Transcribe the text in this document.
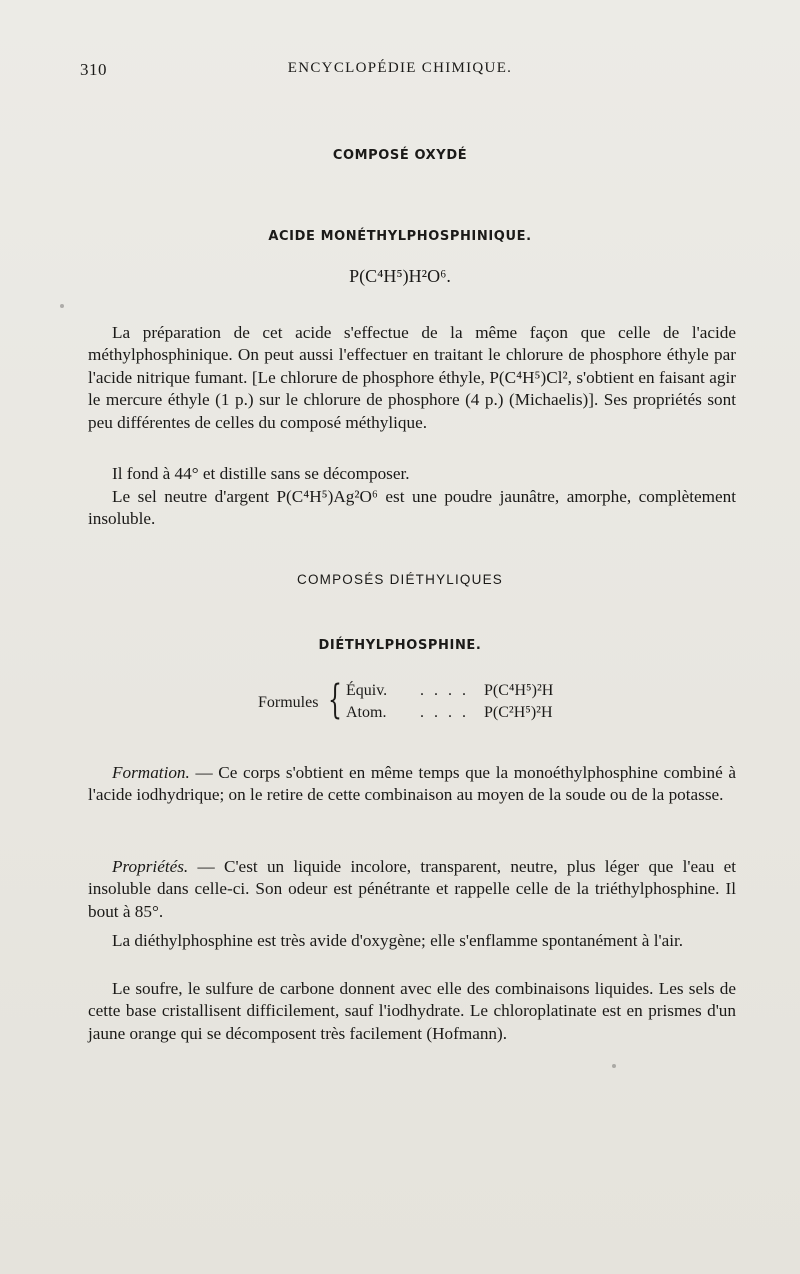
310	ENCYCLOPÉDIE CHIMIQUE.
COMPOSÉ OXYDÉ
ACIDE MONÉTHYLPHOSPHINIQUE.
P(C⁴H⁵)H²O⁶.

La préparation de cet acide s'effectue de la même façon que celle de l'acide méthylphosphinique. On peut aussi l'effectuer en traitant le chlorure de phosphore éthyle par l'acide nitrique fumant. [Le chlorure de phosphore éthyle, P(C⁴H⁵)Cl², s'obtient en faisant agir le mercure éthyle (1 p.) sur le chlorure de phosphore (4 p.) (Michaelis)]. Ses propriétés sont peu différentes de celles du composé méthylique.

Il fond à 44° et distille sans se décomposer.

Le sel neutre d'argent P(C⁴H⁵)Ag²O⁶ est une poudre jaunâtre, amorphe, complètement insoluble.

COMPOSÉS DIÉTHYLIQUES
DIÉTHYLPHOSPHINE.
Formules { Équiv. . . . . P(C⁴H⁵)²H
Atom. . . . . P(C²H⁵)²H

Formation. — Ce corps s'obtient en même temps que la monoéthylphosphine combiné à l'acide iodhydrique; on le retire de cette combinaison au moyen de la soude ou de la potasse.

Propriétés. — C'est un liquide incolore, transparent, neutre, plus léger que l'eau et insoluble dans celle-ci. Son odeur est pénétrante et rappelle celle de la triéthylphosphine. Il bout à 85°.

La diéthylphosphine est très avide d'oxygène; elle s'enflamme spontanément à l'air.

Le soufre, le sulfure de carbone donnent avec elle des combinaisons liquides. Les sels de cette base cristallisent difficilement, sauf l'iodhydrate. Le chloroplatinate est en prismes d'un jaune orange qui se décomposent très facilement (Hofmann).
